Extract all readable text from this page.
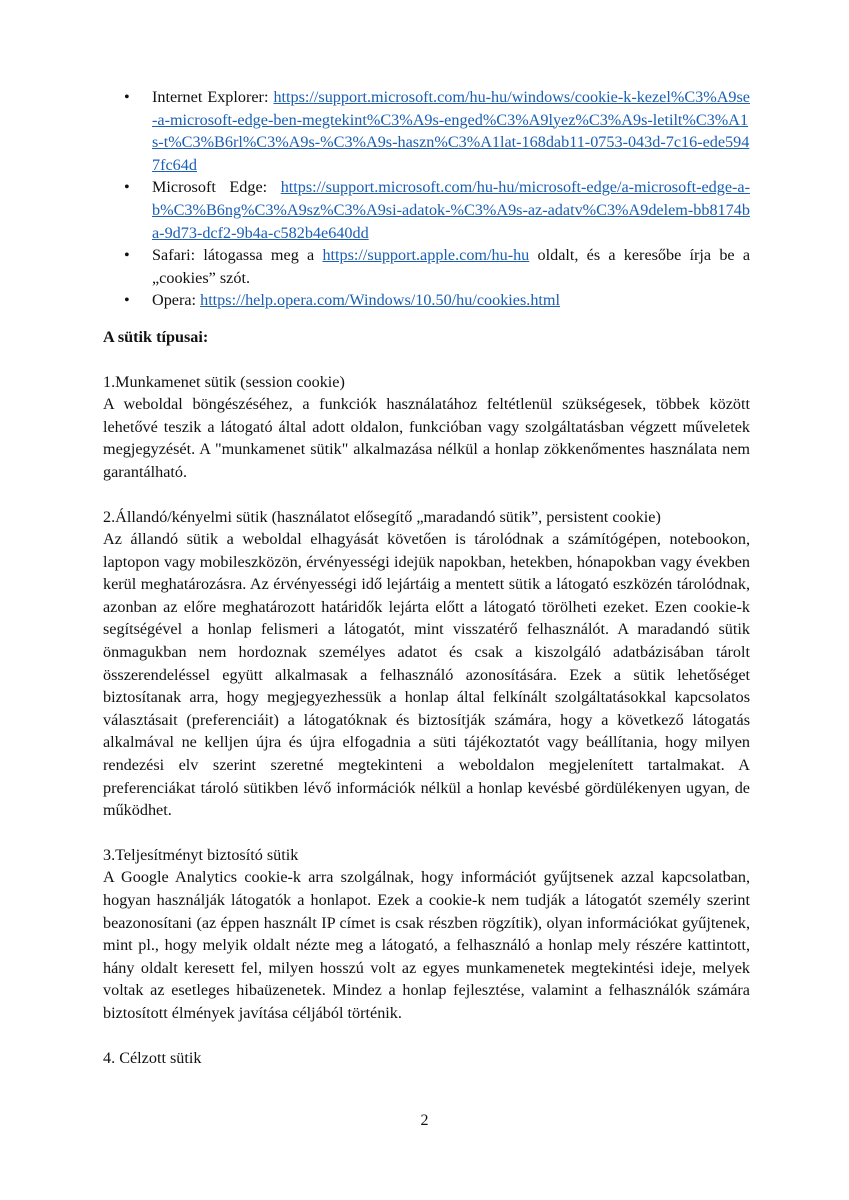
• Internet Explorer: https://support.microsoft.com/hu-hu/windows/cookie-k-kezel%C3%A9se-a-microsoft-edge-ben-megtekint%C3%A9s-enged%C3%A9lyez%C3%A9s-letilt%C3%A1s-t%C3%B6rl%C3%A9s-%C3%A9s-haszn%C3%A1lat-168dab11-0753-043d-7c16-ede5947fc64d
• Microsoft Edge: https://support.microsoft.com/hu-hu/microsoft-edge/a-microsoft-edge-a-b%C3%B6ng%C3%A9sz%C3%A9si-adatok-%C3%A9s-az-adatv%C3%A9delem-bb8174ba-9d73-dcf2-9b4a-c582b4e640dd
• Safari: látogassa meg a https://support.apple.com/hu-hu oldalt, és a keresőbe írja be a „cookies” szót.
• Opera: https://help.opera.com/Windows/10.50/hu/cookies.html
A sütik típusai:

1.Munkamenet sütik (session cookie)

A weboldal böngészéséhez, a funkciók használatához feltétlenül szükségesek, többek között lehetővé teszik a látogató által adott oldalon, funkcióban vagy szolgáltatásban végzett műveletek megjegyzését. A "munkamenet sütik" alkalmazása nélkül a honlap zökkenőmentes használata nem garantálható.

2.Állandó/kényelmi sütik (használatot elősegítő „maradandó sütik”, persistent cookie)

Az állandó sütik a weboldal elhagyását követően is tárolódnak a számítógépen, notebookon, laptopon vagy mobileszközön, érvényességi idejük napokban, hetekben, hónapokban vagy években kerül meghatározásra. Az érvényességi idő lejártáig a mentett sütik a látogató eszközén tárolódnak, azonban az előre meghatározott határidők lejárta előtt a látogató törölheti ezeket. Ezen cookie-k segítségével a honlap felismeri a látogatót, mint visszatérő felhasználót. A maradandó sütik önmagukban nem hordoznak személyes adatot és csak a kiszolgáló adatbázisában tárolt összerendeléssel együtt alkalmasak a felhasználó azonosítására. Ezek a sütik lehetőséget biztosítanak arra, hogy megjegyezhessük a honlap által felkínált szolgáltatásokkal kapcsolatos választásait (preferenciáit) a látogatóknak és biztosítják számára, hogy a következő látogatás alkalmával ne kelljen újra és újra elfogadnia a süti tájékoztatót vagy beállítania, hogy milyen rendezési elv szerint szeretné megtekinteni a weboldalon megjelenített tartalmakat. A preferenciákat tároló sütikben lévő információk nélkül a honlap kevésbé gördülékenyen ugyan, de működhet.

3.Teljesítményt biztosító sütik

A Google Analytics cookie-k arra szolgálnak, hogy információt gyűjtsenek azzal kapcsolatban, hogyan használják látogatók a honlapot. Ezek a cookie-k nem tudják a látogatót személy szerint beazonosítani (az éppen használt IP címet is csak részben rögzítik), olyan információkat gyűjtenek, mint pl., hogy melyik oldalt nézte meg a látogató, a felhasználó a honlap mely részére kattintott, hány oldalt keresett fel, milyen hosszú volt az egyes munkamenetek megtekintési ideje, melyek voltak az esetleges hibaüzenetek. Mindez a honlap fejlesztése, valamint a felhasználók számára biztosított élmények javítása céljából történik.

4. Célzott sütik

2
